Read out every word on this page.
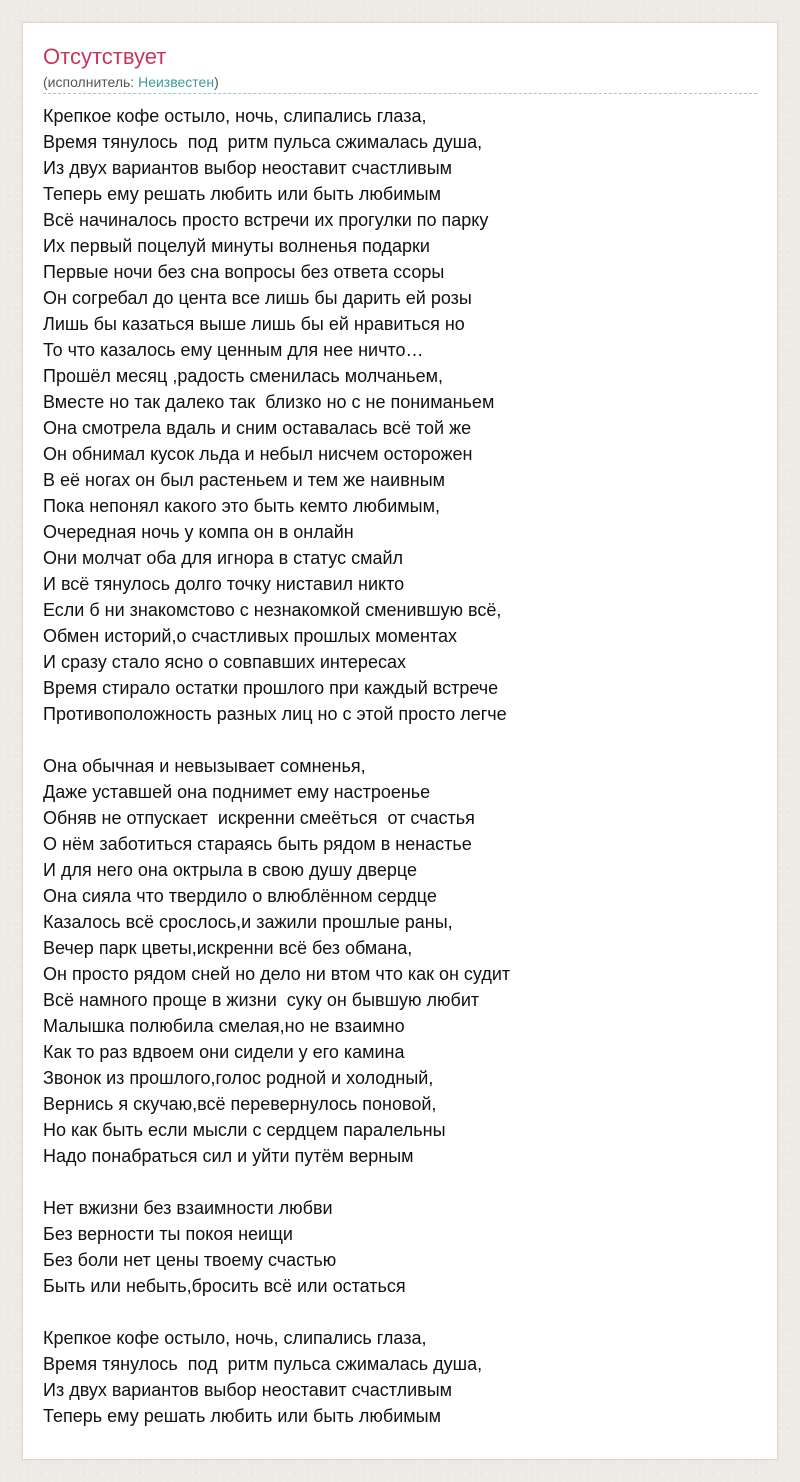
Отсутствует
(исполнитель: Неизвестен)
Крепкое кофе остыло, ночь, слипались глаза,
Время тянулось  под  ритм пульса сжималась душа,
Из двух вариантов выбор неоставит счастливым
Теперь ему решать любить или быть любимым
Всё начиналось просто встречи их прогулки по парку
Их первый поцелуй минуты волненья подарки
Первые ночи без сна вопросы без ответа ссоры
Он согребал до цента все лишь бы дарить ей розы
Лишь бы казаться выше лишь бы ей нравиться но
То что казалось ему ценным для нее ничто…
Прошёл месяц ,радость сменилась молчаньем,
Вместе но так далеко так  близко но с не пониманьем
Она смотрела вдаль и сним оставалась всё той же
Он обнимал кусок льда и небыл нисчем осторожен
В её ногах он был растеньем и тем же наивным
Пока непонял какого это быть кемто любимым,
Очередная ночь у компа он в онлайн
Они молчат оба для игнора в статус смайл
И всё тянулось долго точку ниставил никто
Если б ни знакомстово с незнакомкой сменившую всё,
Обмен историй,о счастливых прошлых моментах
И сразу стало ясно о совпавших интересах
Время стирало остатки прошлого при каждый встрече
Противоположность разных лиц но с этой просто легче
Она обычная и невызывает сомненья,
Даже уставшей она поднимет ему настроенье
Обняв не отпускает  искренни смеёться  от счастья
О нём заботиться стараясь быть рядом в ненастье
И для него она октрыла в свою душу дверце
Она сияла что твердило о влюблённом сердце
Казалось всё срослось,и зажили прошлые раны,
Вечер парк цветы,искренни всё без обмана,
Он просто рядом сней но дело ни втом что как он судит
Всё намного проще в жизни  суку он бывшую любит
Малышка полюбила смелая,но не взаимно
Как то раз вдвоем они сидели у его камина
Звонок из прошлого,голос родной и холодный,
Вернись я скучаю,всё перевернулось поновой,
Но как быть если мысли с сердцем паралельны
Надо понабраться сил и уйти путём верным
Нет вжизни без взаимности любви
Без верности ты покоя неищи
Без боли нет цены твоему счастью
Быть или небыть,бросить всё или остаться
Крепкое кофе остыло, ночь, слипались глаза,
Время тянулось  под  ритм пульса сжималась душа,
Из двух вариантов выбор неоставит счастливым
Теперь ему решать любить или быть любимым
